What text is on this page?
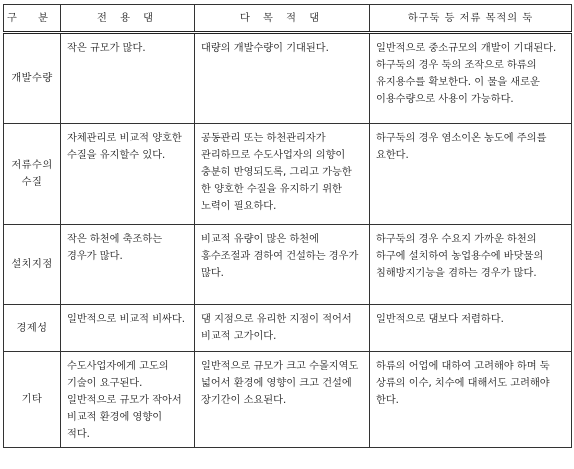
구 분	전 용 댐	다 목 적 댐	하구둑 등 저류 목적의 둑
개발수량	작은 규모가 많다.	대량의 개발수량이 기대된다.	일반적으로 중소규모의 개발이 기대된다. 하구둑의 경우 둑의 조작으로 하류의 유지용수를 확보한다. 이 물을 새로운 이용수량으로 사용이 가능하다.

저류수의 수질	자체관리로 비교적 양호한 수질을 유지할수 있다.	공동관리 또는 하천관리자가 관리하므로 수도사업자의 의향이 충분히 반영되도록, 그리고 가능한 한 양호한 수질을 유지하기 위한 노력이 필요하다.	하구둑의 경우 염소이온 농도에 주의를 요한다.

설치지점	작은 하천에 축조하는 경우가 많다.	비교적 유량이 많은 하천에 홍수조절과 겸하여 건설하는 경우가 많다.	하구둑의 경우 수요지 가까운 하천의 하구에 설치하여 농업용수에 바닷물의 침해방지기능을 겸하는 경우가 많다.

경제성	일반적으로 비교적 비싸다.	댐 지점으로 유리한 지점이 적어서 비교적 고가이다.	일반적으로 댐보다 저렴하다.

기타	수도사업자에게 고도의 기술이 요구된다. 일반적으로 규모가 작아서 비교적 환경에 영향이 적다.	일반적으로 규모가 크고 수몰지역도 넓어서 환경에 영향이 크고 건설에 장기간이 소요된다.	하류의 어업에 대하여 고려해야 하며 둑 상류의 이수, 치수에 대해서도 고려해야 한다.
